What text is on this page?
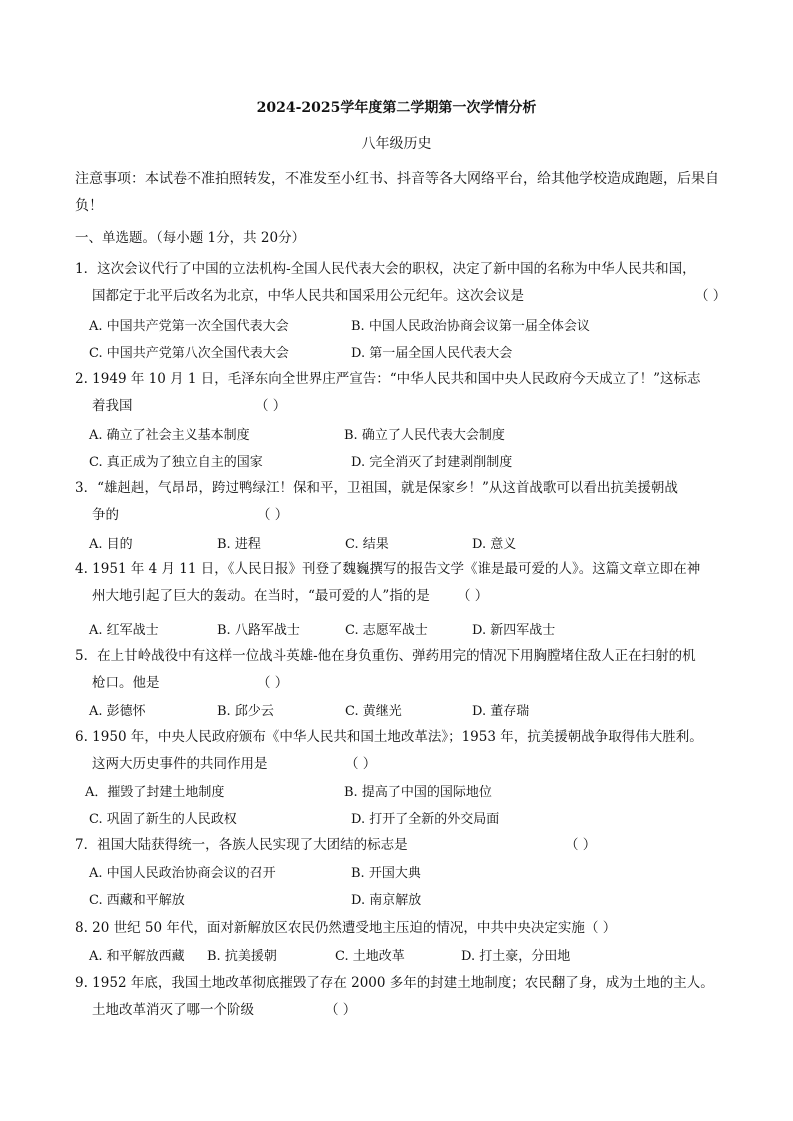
2024-2025学年度第二学期第一次学情分析
八年级历史
注意事项：本试卷不准拍照转发，不准发至小红书、抖音等各大网络平台，给其他学校造成跑题，后果自
负！
一、单选题。（每小题 1分，共 20分）
1．这次会议代行了中国的立法机构-全国人民代表大会的职权，决定了新中国的名称为中华人民共和国，
国都定于北平后改名为北京，中华人民共和国采用公元纪年。这次会议是	（ ）
A. 中国共产党第一次全国代表大会	B. 中国人民政治协商会议第一届全体会议
C. 中国共产党第八次全国代表大会	D. 第一届全国人民代表大会
2. 1949 年 10 月 1 日，毛泽东向全世界庄严宣告：“中华人民共和国中央人民政府今天成立了！”这标志
着我国	（ ）
A. 确立了社会主义基本制度	B. 确立了人民代表大会制度
C. 真正成为了独立自主的国家	D. 完全消灭了封建剥削制度
3．“雄赳赳，气昂昂，跨过鸭绿江！保和平，卫祖国，就是保家乡！”从这首战歌可以看出抗美援朝战
争的	（ ）
A. 目的	B. 进程	C. 结果	D. 意义
4. 1951 年 4 月 11 日，《人民日报》刊登了魏巍撰写的报告文学《谁是最可爱的人》。这篇文章立即在神
州大地引起了巨大的轰动。在当时，“最可爱的人”指的是	（ ）
A. 红军战士	B. 八路军战士	C. 志愿军战士	D. 新四军战士
5．在上甘岭战役中有这样一位战斗英雄-他在身负重伤、弹药用完的情况下用胸膛堵住敌人正在扫射的机
枪口。他是	（ ）
A. 彭德怀	B. 邱少云	C. 黄继光	D. 董存瑞
6. 1950 年，中央人民政府颁布《中华人民共和国土地改革法》；1953 年，抗美援朝战争取得伟大胜利。
这两大历史事件的共同作用是	（ ）
A．摧毁了封建土地制度	B. 提高了中国的国际地位
C. 巩固了新生的人民政权	D. 打开了全新的外交局面
7．祖国大陆获得统一，各族人民实现了大团结的标志是	（ ）
A. 中国人民政治协商会议的召开	B. 开国大典
C. 西藏和平解放	D. 南京解放
8. 20 世纪 50 年代，面对新解放区农民仍然遭受地主压迫的情况，中共中央决定实施 （ ）
A. 和平解放西藏 B. 抗美援朝	C. 土地改革	D. 打土豪，分田地
9. 1952 年底，我国土地改革彻底摧毁了存在 2000 多年的封建土地制度；农民翻了身，成为土地的主人。
土地改革消灭了哪一个阶级	（ ）
